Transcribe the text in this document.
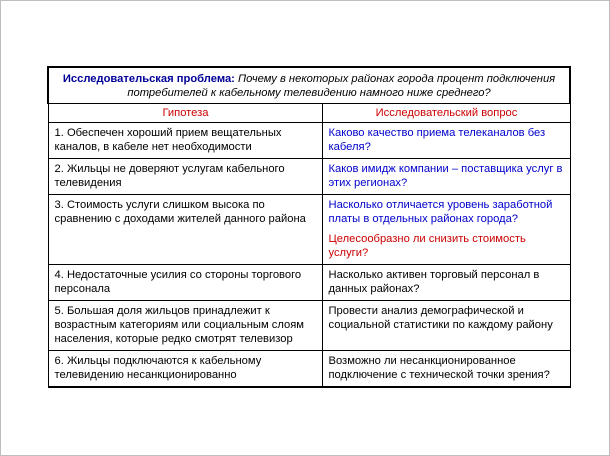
Исследовательская проблема: Почему в некоторых районах города процент подключения потребителей к кабельному телевидению намного ниже среднего?	
Гипотеза	Исследовательский вопрос
1. Обеспечен хороший прием вещательных каналов, в кабеле нет необходимости	Каково качество приема телеканалов без кабеля?
2. Жильцы не доверяют услугам кабельного телевидения	Каков имидж компании – поставщика услуг в этих регионах?
3. Стоимость услуги слишком высока по сравнению с доходами жителей данного района	Насколько отличается уровень заработной платы в отдельных районах города?
Целесообразно ли снизить стоимость услуги?

4. Недостаточные усилия со стороны торгового персонала	Насколько активен торговый персонал в данных районах?
5. Большая доля жильцов принадлежит к возрастным категориям или социальным слоям населения, которые редко смотрят телевизор	Провести анализ демографической и социальной статистики по каждому району
6. Жильцы подключаются к кабельному телевидению несанкционированно	Возможно ли несанкционированное подключение с технической точки зрения?
